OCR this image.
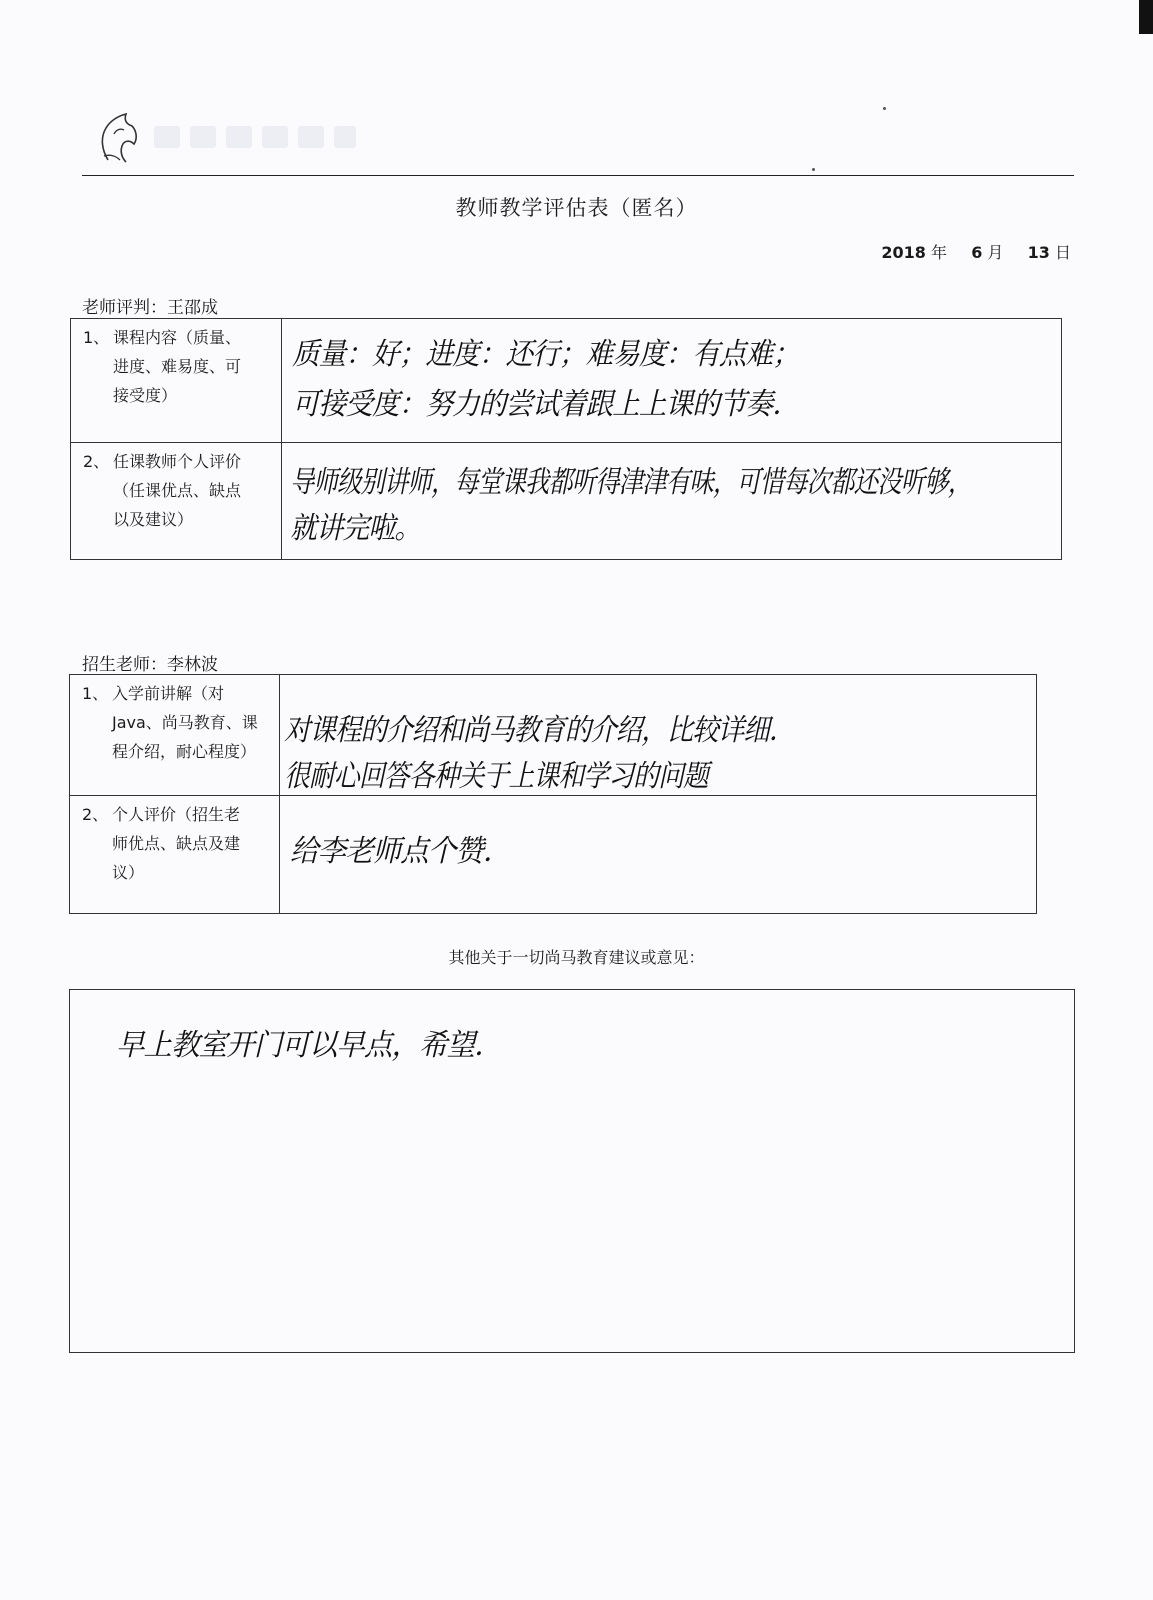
教师教学评估表（匿名）
2018 年 6 月 13 日
老师评判：王邵成
1、 课程内容（质量、
进度、难易度、可
接受度）	质量：好；进度：还行；难易度：有点难；
可接受度：努力的尝试着跟上上课的节奏．

2、 任课教师个人评价
（任课优点、缺点
以及建议）	导师级别讲师，每堂课我都听得津津有味，可惜每次都还没听够，
就讲完啦。
招生老师：李林波
1、 入学前讲解（对
Java、尚马教育、课
程介绍，耐心程度）	对课程的介绍和尚马教育的介绍，比较详细．
很耐心回答各种关于上课和学习的问题

2、 个人评价（招生老
师优点、缺点及建
议）	给李老师点个赞．
其他关于一切尚马教育建议或意见：
早上教室开门可以早点，希望．
